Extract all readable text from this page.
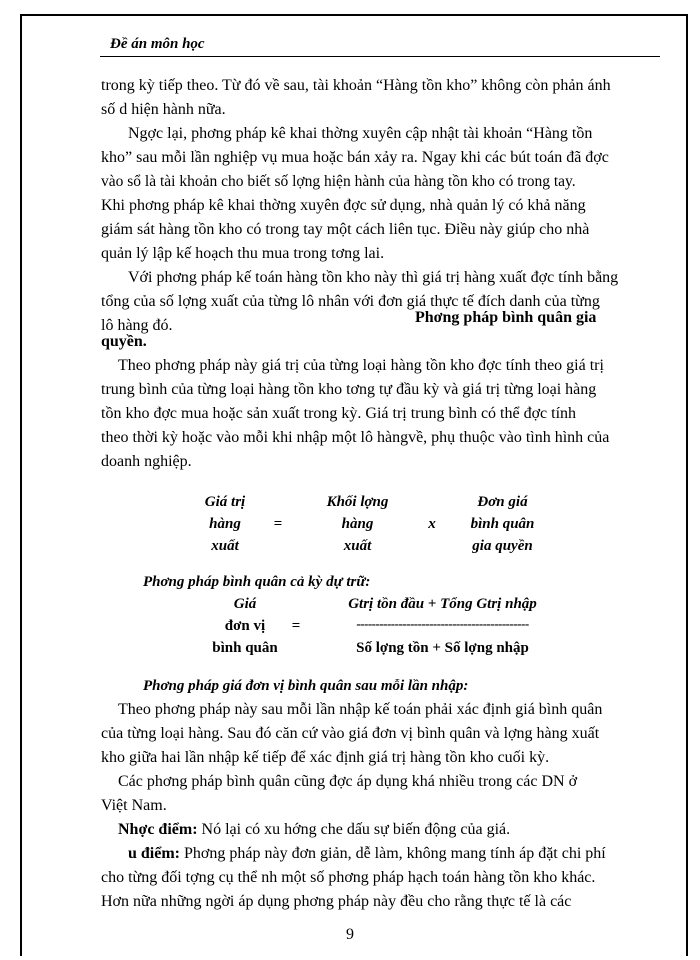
Đề án môn học
trong kỳ tiếp theo. Từ đó về sau, tài khoản “Hàng tồn kho” không còn phản ánh
số d hiện hành nữa.
Ngợc lại, phơng pháp kê khai thờng xuyên cập nhật tài khoản “Hàng tồn
kho” sau mỗi lần nghiệp vụ mua hoặc bán xảy ra. Ngay khi các bút toán đã đợc
vào sổ là tài khoản cho biết số lợng hiện hành của hàng tồn kho có trong tay.
Khi phơng pháp kê khai thờng xuyên đợc sử dụng, nhà quản lý có khả năng
giám sát hàng tồn kho có trong tay một cách liên tục. Điều này giúp cho nhà
quản lý lập kế hoạch thu mua trong tơng lai.
Với phơng pháp kế toán hàng tồn kho này thì giá trị hàng xuất đợc tính bằng
tổng của số lợng xuất của từng lô nhân với đơn giá thực tế đích danh của từng
lô hàng đó.	Phơng pháp bình quân gia
quyền.
Theo phơng pháp này giá trị của từng loại hàng tồn kho đợc tính theo giá trị
trung bình của từng loại hàng tồn kho tơng tự đầu kỳ và giá trị từng loại hàng
tồn kho đợc mua hoặc sản xuất trong kỳ. Giá trị trung bình có thể đợc tính
theo thời kỳ hoặc vào mỗi khi nhập một lô hàngvề, phụ thuộc vào tình hình của
doanh nghiệp.
Giá trị
hàng
xuất
=
Khối lợng
hàng
xuất
x
Đơn giá
bình quân
gia quyền
Phơng pháp bình quân cả kỳ dự trữ:
Giá
đơn vị
bình quân
=
Gtrị tồn đầu + Tổng Gtrị nhập
---------------------------------------------
Số lợng tồn + Số lợng nhập
Phơng pháp giá đơn vị bình quân sau mỗi lần nhập:
Theo phơng pháp này sau mỗi lần nhập kế toán phải xác định giá bình quân
của từng loại hàng. Sau đó căn cứ vào giá đơn vị bình quân và lợng hàng xuất
kho giữa hai lần nhập kế tiếp để xác định giá trị hàng tồn kho cuối kỳ.
Các phơng pháp bình quân cũng đợc áp dụng khá nhiều trong các DN ở
Việt Nam.
Nhợc điểm: Nó lại có xu hớng che dấu sự biến động của giá.
u điểm: Phơng pháp này đơn giản, dễ làm, không mang tính áp đặt chi phí
cho từng đối tợng cụ thể nh một số phơng pháp hạch toán hàng tồn kho khác.
Hơn nữa những ngời áp dụng phơng pháp này đều cho rằng thực tế là các
9
